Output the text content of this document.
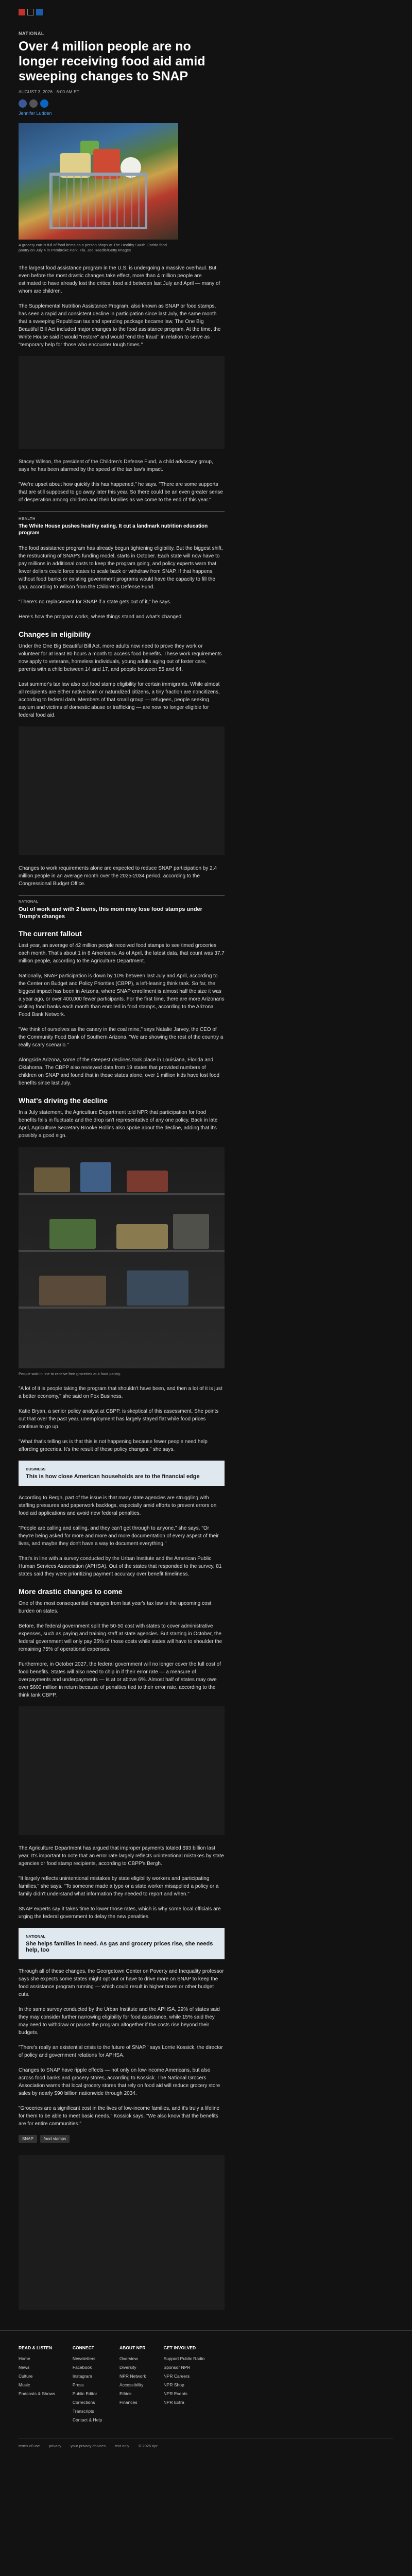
NATIONAL
Over 4 million people are no longer receiving food aid amid sweeping changes to SNAP
AUGUST 3, 2026 · 6:00 AM ET
Jennifer Ludden
A grocery cart is full of food items as a person shops at The Healthy South Florida food pantry on July 4 in Pembroke Park, Fla. Joe Raedle/Getty Images

The largest food assistance program in the U.S. is undergoing a massive overhaul. But even before the most drastic changes take effect, more than 4 million people are estimated to have already lost the critical food aid between last July and April — many of whom are children.

The Supplemental Nutrition Assistance Program, also known as SNAP or food stamps, has seen a rapid and consistent decline in participation since last July, the same month that a sweeping Republican tax and spending package became law. The One Big Beautiful Bill Act included major changes to the food assistance program. At the time, the White House said it would "restore" and would "end the fraud" in relation to serve as "temporary help for those who encounter tough times."

Stacey Wilson, the president of the Children's Defense Fund, a child advocacy group, says he has been alarmed by the speed of the tax law's impact.

"We're upset about how quickly this has happened," he says. "There are some supports that are still supposed to go away later this year. So there could be an even greater sense of desperation among children and their families as we come to the end of this year."

HEALTH
The White House pushes healthy eating. It cut a landmark nutrition education program

The food assistance program has already begun tightening eligibility. But the biggest shift, the restructuring of SNAP's funding model, starts in October. Each state will now have to pay millions in additional costs to keep the program going, and policy experts warn that fewer dollars could force states to scale back or withdraw from SNAP. If that happens, without food banks or existing government programs would have the capacity to fill the gap, according to Wilson from the Children's Defense Fund.

"There's no replacement for SNAP if a state gets out of it," he says.

Here's how the program works, where things stand and what's changed.

Changes in eligibility

Under the One Big Beautiful Bill Act, more adults now need to prove they work or volunteer for at least 80 hours a month to access food benefits. These work requirements now apply to veterans, homeless individuals, young adults aging out of foster care, parents with a child between 14 and 17, and people between 55 and 64.

Last summer's tax law also cut food stamp eligibility for certain immigrants. While almost all recipients are either native-born or naturalized citizens, a tiny fraction are noncitizens, according to federal data. Members of that small group — refugees, people seeking asylum and victims of domestic abuse or trafficking — are now no longer eligible for federal food aid.

Changes to work requirements alone are expected to reduce SNAP participation by 2.4 million people in an average month over the 2025-2034 period, according to the Congressional Budget Office.

NATIONAL
Out of work and with 2 teens, this mom may lose food stamps under Trump's changes
The current fallout

Last year, an average of 42 million people received food stamps to see timed groceries each month. That's about 1 in 8 Americans. As of April, the latest data, that count was 37.7 million people, according to the Agriculture Department.

Nationally, SNAP participation is down by 10% between last July and April, according to the Center on Budget and Policy Priorities (CBPP), a left-leaning think tank. So far, the biggest impact has been in Arizona, where SNAP enrollment is almost half the size it was a year ago, or over 400,000 fewer participants. For the first time, there are more Arizonans visiting food banks each month than enrolled in food stamps, according to the Arizona Food Bank Network.

"We think of ourselves as the canary in the coal mine," says Natalie Jarvey, the CEO of the Community Food Bank of Southern Arizona. "We are showing the rest of the country a really scary scenario."

Alongside Arizona, some of the steepest declines took place in Louisiana, Florida and Oklahoma. The CBPP also reviewed data from 19 states that provided numbers of children on SNAP and found that in those states alone, over 1 million kids have lost food benefits since last July.

What's driving the decline

In a July statement, the Agriculture Department told NPR that participation for food benefits falls in fluctuate and the drop isn't representative of any one policy. Back in late April, Agriculture Secretary Brooke Rollins also spoke about the decline, adding that it's possibly a good sign.

People wait in line to receive free groceries at a food pantry.

"A lot of it is people taking the program that shouldn't have been, and then a lot of it is just a better economy," she said on Fox Business.

Katie Bryan, a senior policy analyst at CBPP, is skeptical of this assessment. She points out that over the past year, unemployment has largely stayed flat while food prices continue to go up.

"What that's telling us is that this is not happening because fewer people need help affording groceries. It's the result of these policy changes," she says.

BUSINESS
This is how close American households are to the financial edge

According to Bergh, part of the issue is that many state agencies are struggling with staffing pressures and paperwork backlogs, especially amid efforts to prevent errors on food aid applications and avoid new federal penalties.

"People are calling and calling, and they can't get through to anyone," she says. "Or they're being asked for more and more and more documentation of every aspect of their lives, and maybe they don't have a way to document everything."

That's in line with a survey conducted by the Urban Institute and the American Public Human Services Association (APHSA). Out of the states that responded to the survey, 81 states said they were prioritizing payment accuracy over benefit timeliness.

More drastic changes to come

One of the most consequential changes from last year's tax law is the upcoming cost burden on states.

Before, the federal government split the 50-50 cost with states to cover administrative expenses, such as paying and training staff at state agencies. But starting in October, the federal government will only pay 25% of those costs while states will have to shoulder the remaining 75% of operational expenses.

Furthermore, in October 2027, the federal government will no longer cover the full cost of food benefits. States will also need to chip in if their error rate — a measure of overpayments and underpayments — is at or above 6%. Almost half of states may owe over $600 million in return because of penalties tied to their error rate, according to the think tank CBPP.

The Agriculture Department has argued that improper payments totaled $93 billion last year. It's important to note that an error rate largely reflects unintentional mistakes by state agencies or food stamp recipients, according to CBPP's Bergh.

"It largely reflects unintentional mistakes by state eligibility workers and participating families," she says. "To someone made a typo or a state worker misapplied a policy or a family didn't understand what information they needed to report and when."

SNAP experts say it takes time to lower those rates, which is why some local officials are urging the federal government to delay the new penalties.

NATIONAL
She helps families in need. As gas and grocery prices rise, she needs help, too

Through all of these changes, the Georgetown Center on Poverty and Inequality professor says she expects some states might opt out or have to drive more on SNAP to keep the food assistance program running — which could result in higher taxes or other budget cuts.

In the same survey conducted by the Urban Institute and the APHSA, 29% of states said they may consider further narrowing eligibility for food assistance, while 15% said they may need to withdraw or pause the program altogether if the costs rise beyond their budgets.

"There's really an existential crisis to the future of SNAP," says Lorrie Kossick, the director of policy and government relations for APHSA.

Changes to SNAP have ripple effects — not only on low-income Americans, but also across food banks and grocery stores, according to Kossick. The National Grocers Association warns that local grocery stores that rely on food aid will reduce grocery store sales by nearly $90 billion nationwide through 2034.

"Groceries are a significant cost in the lives of low-income families, and it's truly a lifeline for them to be able to meet basic needs," Kossick says. "We also know that the benefits are for entire communities."

SNAP	food stamps
READ & LISTEN
Home
News
Culture
Music
Podcasts & Shows
CONNECT
Newsletters
Facebook
Instagram
Press
Public Editor
Corrections
Transcripts
Contact & Help
ABOUT NPR
Overview
Diversity
NPR Network
Accessibility
Ethics
Finances
GET INVOLVED
Support Public Radio
Sponsor NPR
NPR Careers
NPR Shop
NPR Events
NPR Extra
terms of use privacy your privacy choices text only © 2026 npr
